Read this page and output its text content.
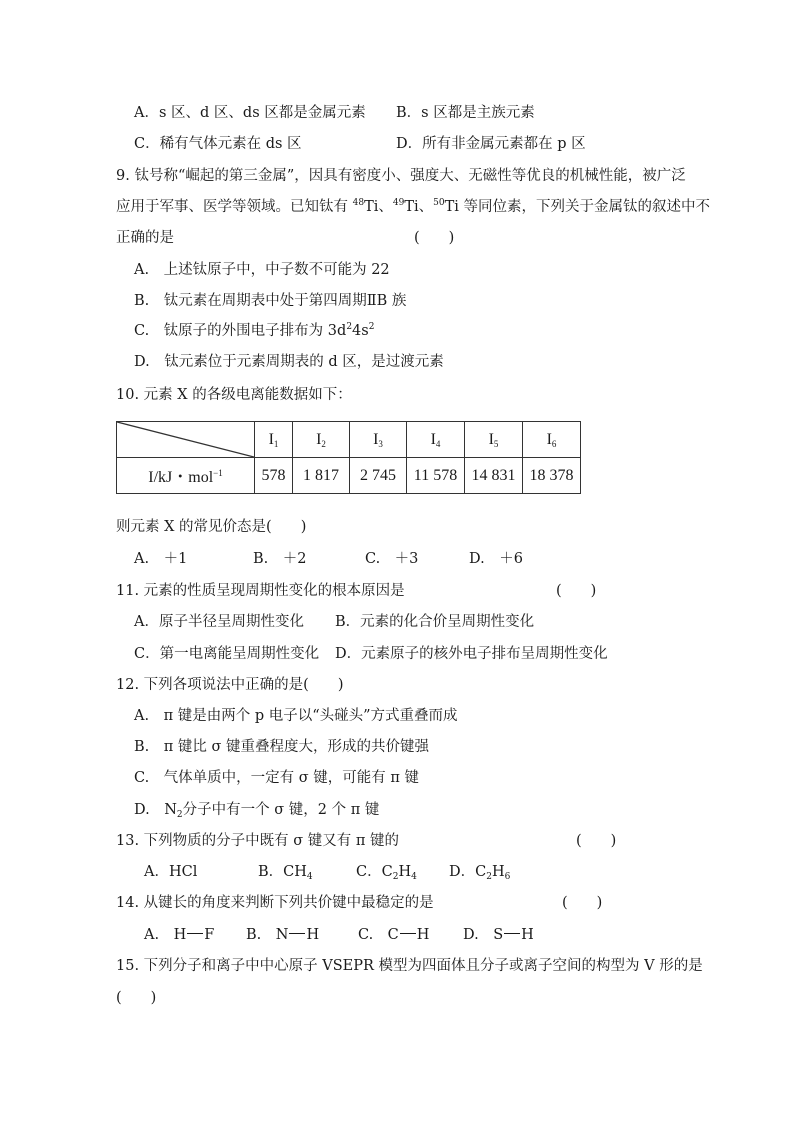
A．s 区、d 区、ds 区都是金属元素 B．s 区都是主族元素
C．稀有气体元素在 ds 区	D．所有非金属元素都在 p 区
9. 钛号称“崛起的第三金属”，因具有密度小、强度大、无磁性等优良的机械性能，被广泛
应用于军事、医学等领域。已知钛有 $^{48}$Ti、$^{49}$Ti、$^{50}$Ti 等同位素，下列关于金属钛的叙述中不
正确的是	(　　)
A.　上述钛原子中，中子数不可能为 22
B.　钛元素在周期表中处于第四周期ⅡB 族
C.　钛原子的外围电子排布为 $3d^24s^2$
D.　钛元素位于元素周期表的 d 区，是过渡元素
10. 元素 X 的各级电离能数据如下：
	$I_1$	$I_2$	$I_3$	$I_4$	$I_5$	$I_6$
I/kJ・mol$^{-1}$	578	1 817	2 745	11 578	14 831	18 378
则元素 X 的常见价态是(　　)
A.　＋1	B.　＋2	C.　＋3	D.　＋6
11. 元素的性质呈现周期性变化的根本原因是	(　　)
A．原子半径呈周期性变化 B．元素的化合价呈周期性变化
C．第一电离能呈周期性变化 D．元素原子的核外电子排布呈周期性变化
12. 下列各项说法中正确的是(　　)
A.　π 键是由两个 p 电子以“头碰头”方式重叠而成
B.　π 键比 σ 键重叠程度大，形成的共价键强
C.　气体单质中，一定有 σ 键，可能有 π 键
D.　$N_2$分子中有一个 σ 键，2 个 π 键
13. 下列物质的分子中既有 σ 键又有 π 键的	(　　)
A．HCl	B．$CH_4$	C．$C_2H_4$ D．$C_2H_6$
14. 从键长的角度来判断下列共价键中最稳定的是	(　　)
A.　H F B.　N H	C.　C H D.　S H
15. 下列分子和离子中中心原子 VSEPR 模型为四面体且分子或离子空间的构型为 V 形的是
(　　)
